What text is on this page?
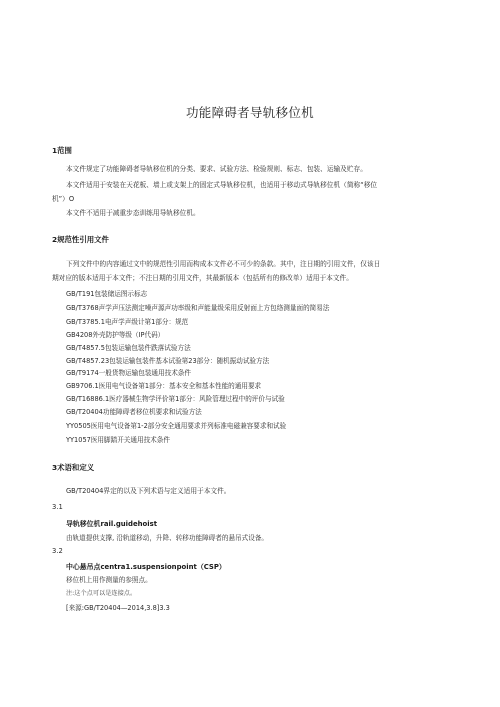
功能障碍者导轨移位机
1范围
本文件规定了功能障碍者导轨移位机的分类、要求、试验方法、检验规则、标志、包装、运输及贮存。
本文件适用于安装在天花板、墙上或支架上的固定式导轨移位机，也适用于移动式导轨移位机（简称“移位
机”）O
本文件不适用于减重步态训练用导轨移位机。
2规范性引用文件
下列文件中的内容通过文中的规范性引用而构成本文件必不可少的条款。其中，注日期的引用文件，仅该日
期对应的版本适用于本文件；不注日期的引用文件，其最新版本（包括所有的修改单）适用于本文件。
GB/T191包装储运图示标志
GB/T3768声学声压法测定噪声源声功率级和声能量级采用反射面上方包络测量面的简易法
GB/T3785.1电声学声级计第1部分：规范
GB4208外壳防护等级（IP代码）
GB/T4857.5包装运输包装件跌落试验方法
GB/T4857.23包装运输包装件基本试验第23部分：随机振动试验方法
GB/T9174一般货物运输包装通用技术条件
GB9706.1医用电气设备第1部分：基本安全和基本性能的通用要求
GB/T16886.1医疗器械生物学评价第1部分：风险管理过程中的评价与试验
GB/T20404功能障碍者移位机要求和试验方法
YY0505医用电气设备第1-2部分安全通用要求并列标准电磁兼容要求和试验
YY1057医用脚踏开关通用技术条件
3术语和定义
GB/T20404界定的以及下列术语与定义适用于本文件。
3.1
导轨移位机rail.guidehoist
由轨道提供支撑, 沿轨道移动，升降、转移功能障碍者的悬吊式设备。
3.2
中心悬吊点centra1.suspensionpoint（CSP）
移位机上用作测量的参照点。
注:这个点可以是连接点。
[来源:GB/T20404—2014,3.8]3.3
